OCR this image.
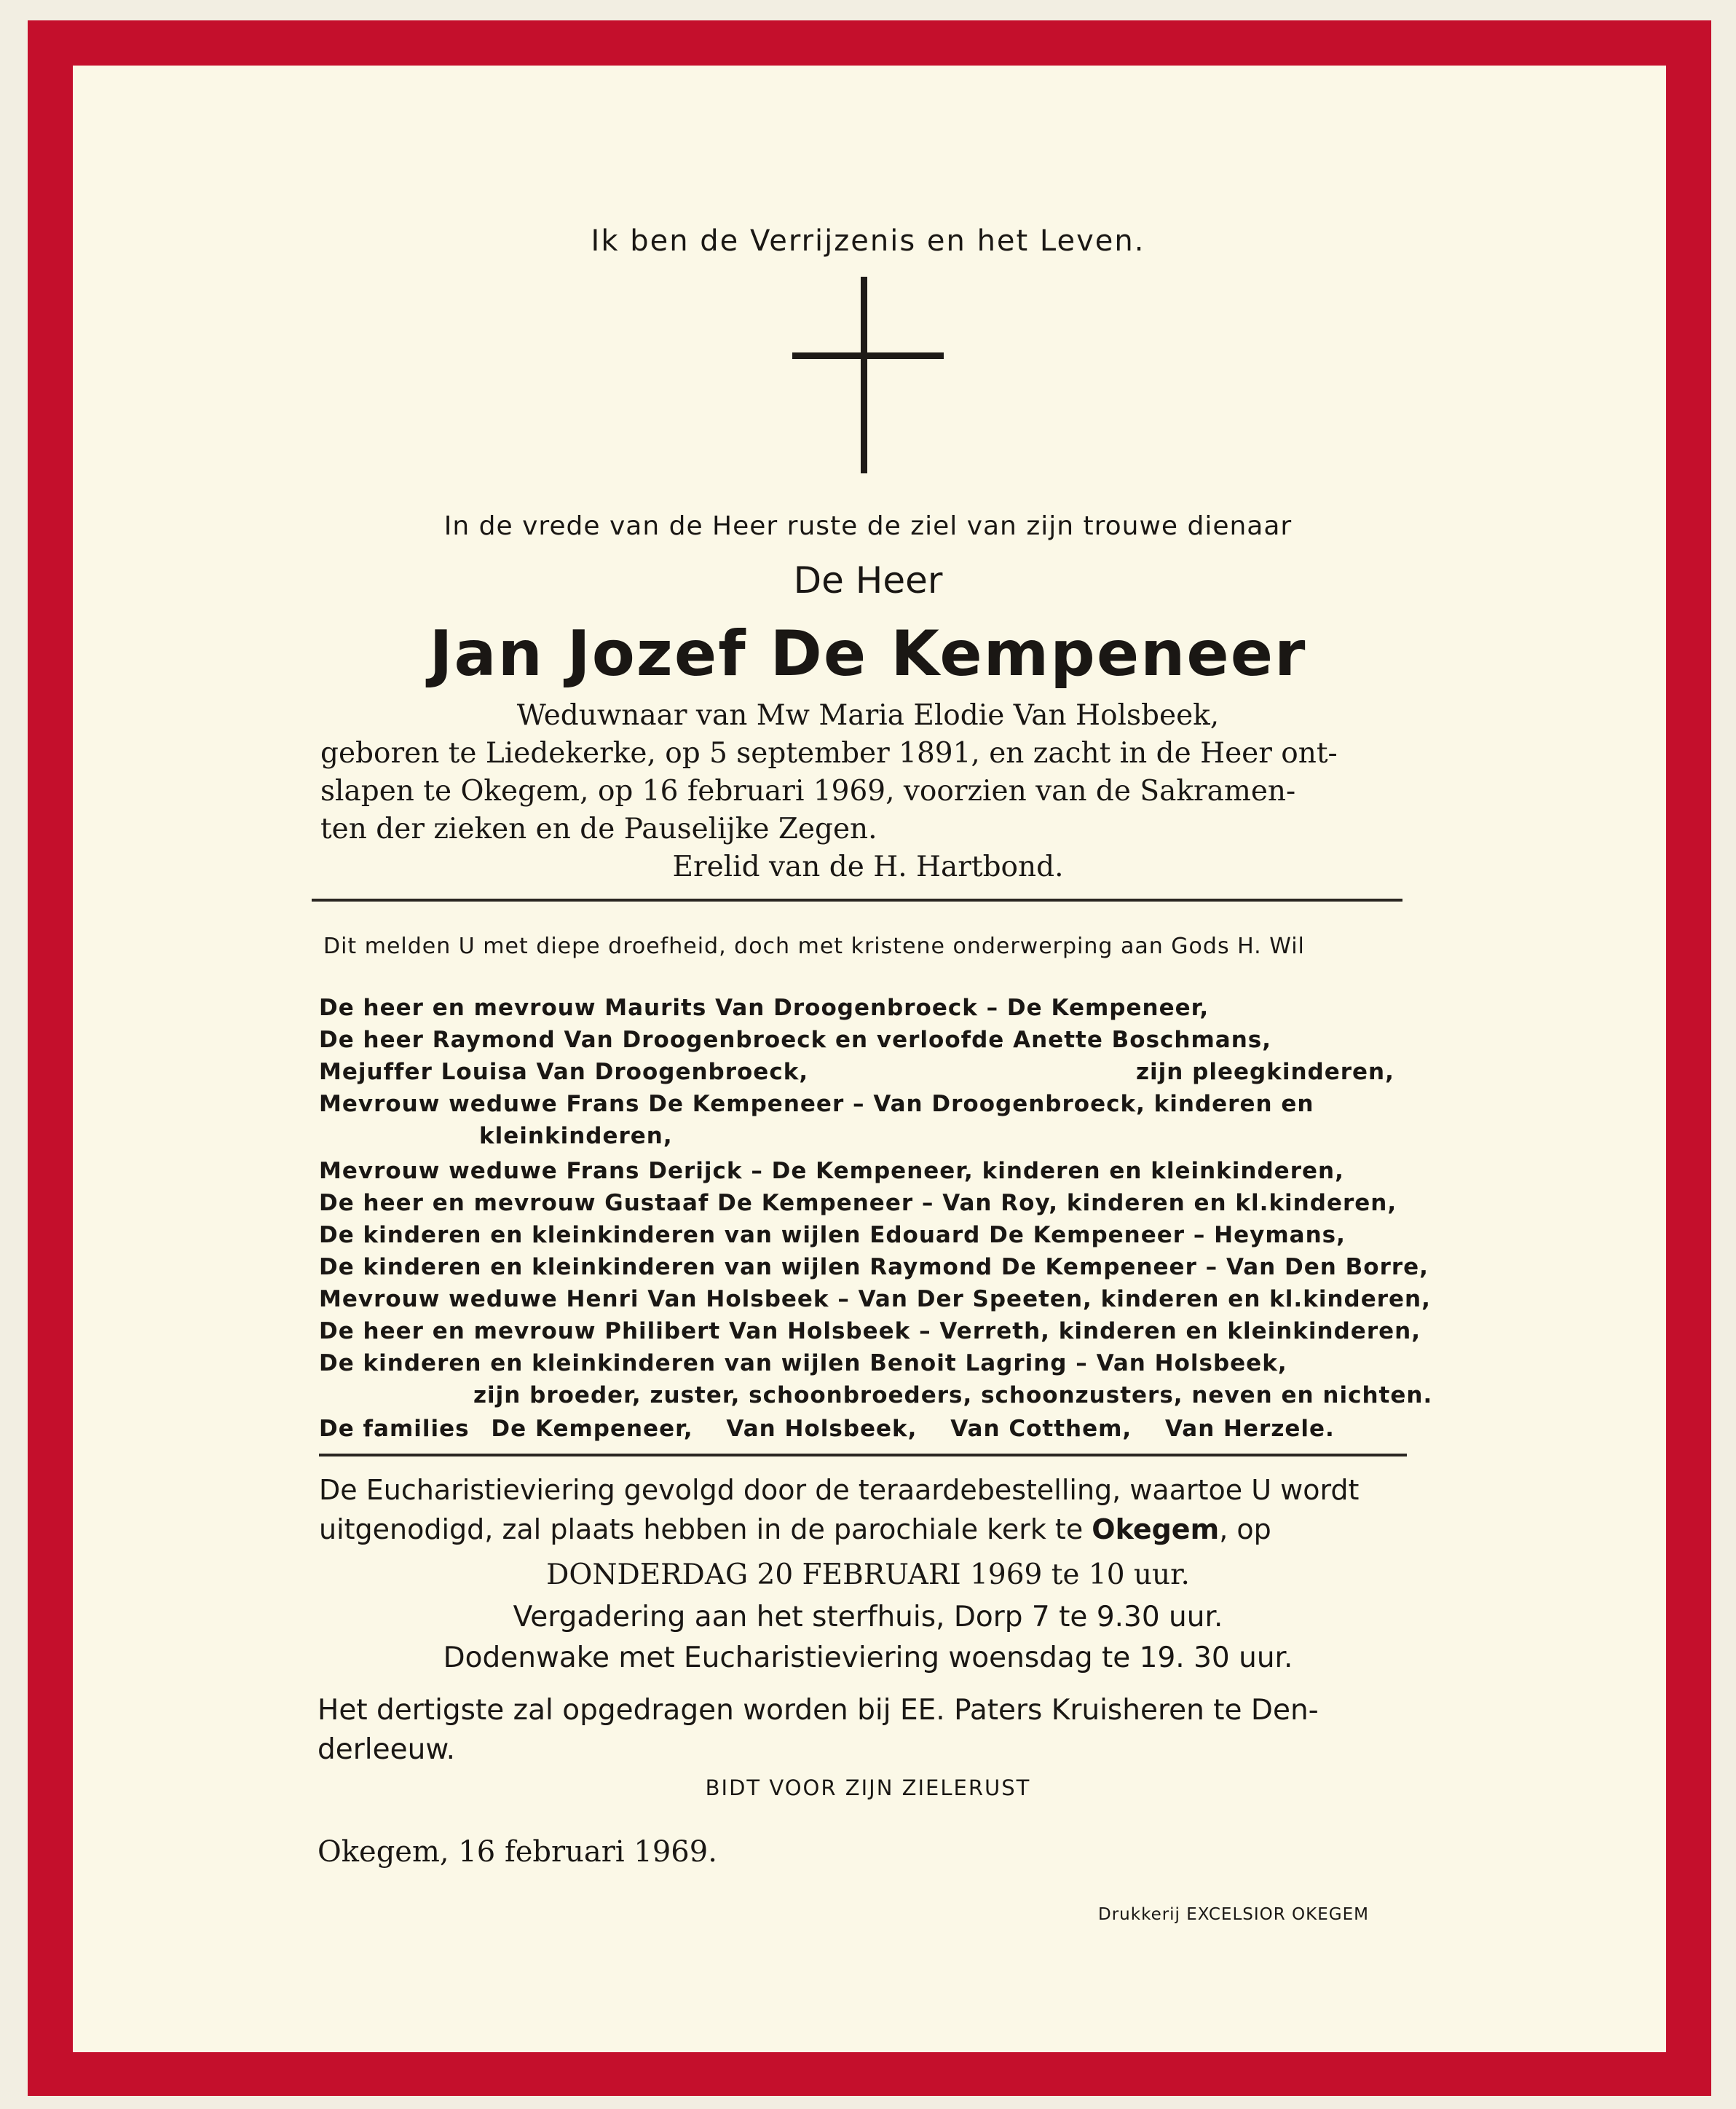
Ik ben de Verrijzenis en het Leven.
In de vrede van de Heer ruste de ziel van zijn trouwe dienaar
De Heer
Jan Jozef De Kempeneer
Weduwnaar van Mw Maria Elodie Van Holsbeek,
geboren te Liedekerke, op 5 september 1891, en zacht in de Heer ont-
slapen te Okegem, op 16 februari 1969, voorzien van de Sakramen-
ten der zieken en de Pauselijke Zegen.
Erelid van de H. Hartbond.
Dit melden U met diepe droefheid, doch met kristene onderwerping aan Gods H. Wil
De heer en mevrouw Maurits Van Droogenbroeck – De Kempeneer,
De heer Raymond Van Droogenbroeck en verloofde Anette Boschmans,
Mejuffer Louisa Van Droogenbroeck,	zijn pleegkinderen,
Mevrouw weduwe Frans De Kempeneer – Van Droogenbroeck, kinderen en
kleinkinderen,
Mevrouw weduwe Frans Derijck – De Kempeneer, kinderen en kleinkinderen,
De heer en mevrouw Gustaaf De Kempeneer – Van Roy, kinderen en kl.kinderen,
De kinderen en kleinkinderen van wijlen Edouard De Kempeneer – Heymans,
De kinderen en kleinkinderen van wijlen Raymond De Kempeneer – Van Den Borre,
Mevrouw weduwe Henri Van Holsbeek – Van Der Speeten, kinderen en kl.kinderen,
De heer en mevrouw Philibert Van Holsbeek – Verreth, kinderen en kleinkinderen,
De kinderen en kleinkinderen van wijlen Benoit Lagring – Van Holsbeek,
zijn broeder, zuster, schoonbroeders, schoonzusters, neven en nichten.
De families De Kempeneer, Van Holsbeek, Van Cotthem, Van Herzele.
De Eucharistieviering gevolgd door de teraardebestelling, waartoe U wordt
uitgenodigd, zal plaats hebben in de parochiale kerk te Okegem, op
DONDERDAG 20 FEBRUARI 1969 te 10 uur.
Vergadering aan het sterfhuis, Dorp 7 te 9.30 uur.
Dodenwake met Eucharistieviering woensdag te 19. 30 uur.
Het dertigste zal opgedragen worden bij EE. Paters Kruisheren te Den-
derleeuw.
BIDT VOOR ZIJN ZIELERUST
Okegem, 16 februari 1969.
Drukkerij EXCELSIOR OKEGEM
